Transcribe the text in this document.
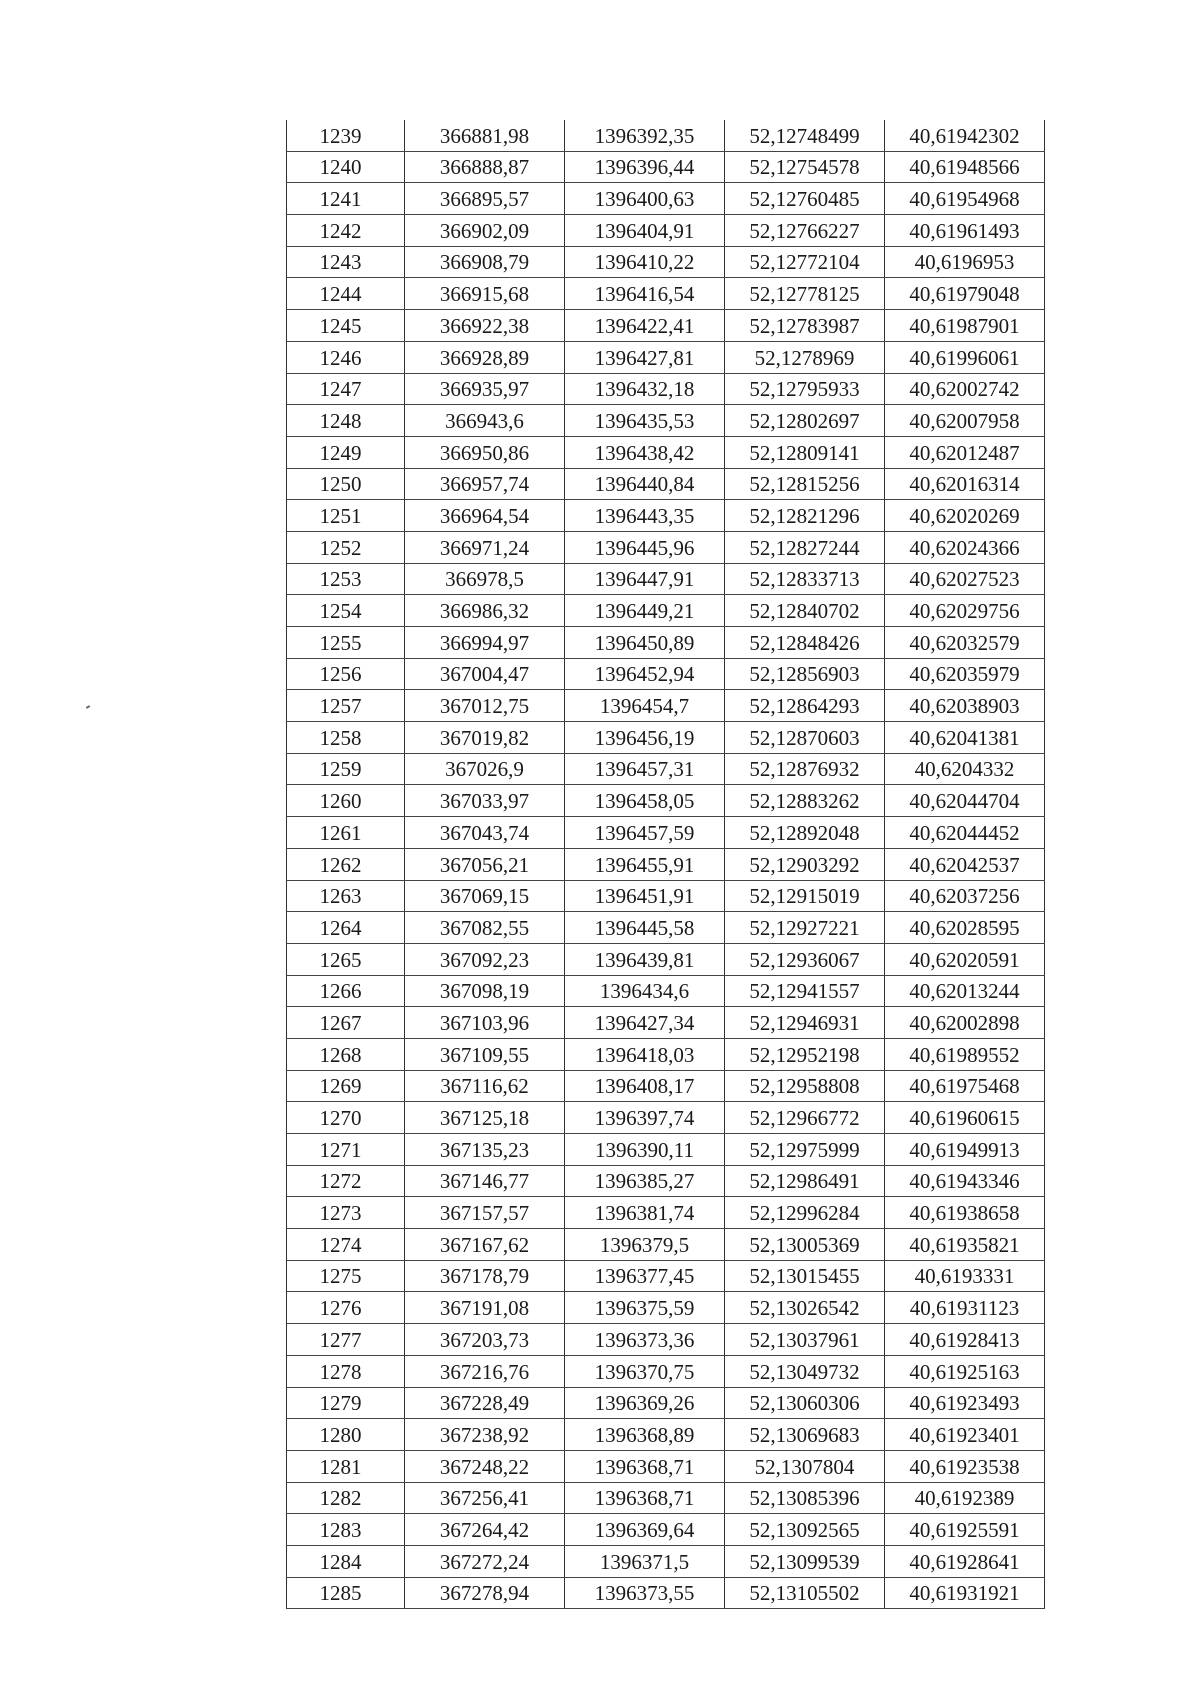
1239	366881,98	1396392,35	52,12748499	40,61942302
1240	366888,87	1396396,44	52,12754578	40,61948566
1241	366895,57	1396400,63	52,12760485	40,61954968
1242	366902,09	1396404,91	52,12766227	40,61961493
1243	366908,79	1396410,22	52,12772104	40,6196953
1244	366915,68	1396416,54	52,12778125	40,61979048
1245	366922,38	1396422,41	52,12783987	40,61987901
1246	366928,89	1396427,81	52,1278969	40,61996061
1247	366935,97	1396432,18	52,12795933	40,62002742
1248	366943,6	1396435,53	52,12802697	40,62007958
1249	366950,86	1396438,42	52,12809141	40,62012487
1250	366957,74	1396440,84	52,12815256	40,62016314
1251	366964,54	1396443,35	52,12821296	40,62020269
1252	366971,24	1396445,96	52,12827244	40,62024366
1253	366978,5	1396447,91	52,12833713	40,62027523
1254	366986,32	1396449,21	52,12840702	40,62029756
1255	366994,97	1396450,89	52,12848426	40,62032579
1256	367004,47	1396452,94	52,12856903	40,62035979
1257	367012,75	1396454,7	52,12864293	40,62038903
1258	367019,82	1396456,19	52,12870603	40,62041381
1259	367026,9	1396457,31	52,12876932	40,6204332
1260	367033,97	1396458,05	52,12883262	40,62044704
1261	367043,74	1396457,59	52,12892048	40,62044452
1262	367056,21	1396455,91	52,12903292	40,62042537
1263	367069,15	1396451,91	52,12915019	40,62037256
1264	367082,55	1396445,58	52,12927221	40,62028595
1265	367092,23	1396439,81	52,12936067	40,62020591
1266	367098,19	1396434,6	52,12941557	40,62013244
1267	367103,96	1396427,34	52,12946931	40,62002898
1268	367109,55	1396418,03	52,12952198	40,61989552
1269	367116,62	1396408,17	52,12958808	40,61975468
1270	367125,18	1396397,74	52,12966772	40,61960615
1271	367135,23	1396390,11	52,12975999	40,61949913
1272	367146,77	1396385,27	52,12986491	40,61943346
1273	367157,57	1396381,74	52,12996284	40,61938658
1274	367167,62	1396379,5	52,13005369	40,61935821
1275	367178,79	1396377,45	52,13015455	40,6193331
1276	367191,08	1396375,59	52,13026542	40,61931123
1277	367203,73	1396373,36	52,13037961	40,61928413
1278	367216,76	1396370,75	52,13049732	40,61925163
1279	367228,49	1396369,26	52,13060306	40,61923493
1280	367238,92	1396368,89	52,13069683	40,61923401
1281	367248,22	1396368,71	52,1307804	40,61923538
1282	367256,41	1396368,71	52,13085396	40,6192389
1283	367264,42	1396369,64	52,13092565	40,61925591
1284	367272,24	1396371,5	52,13099539	40,61928641
1285	367278,94	1396373,55	52,13105502	40,61931921
